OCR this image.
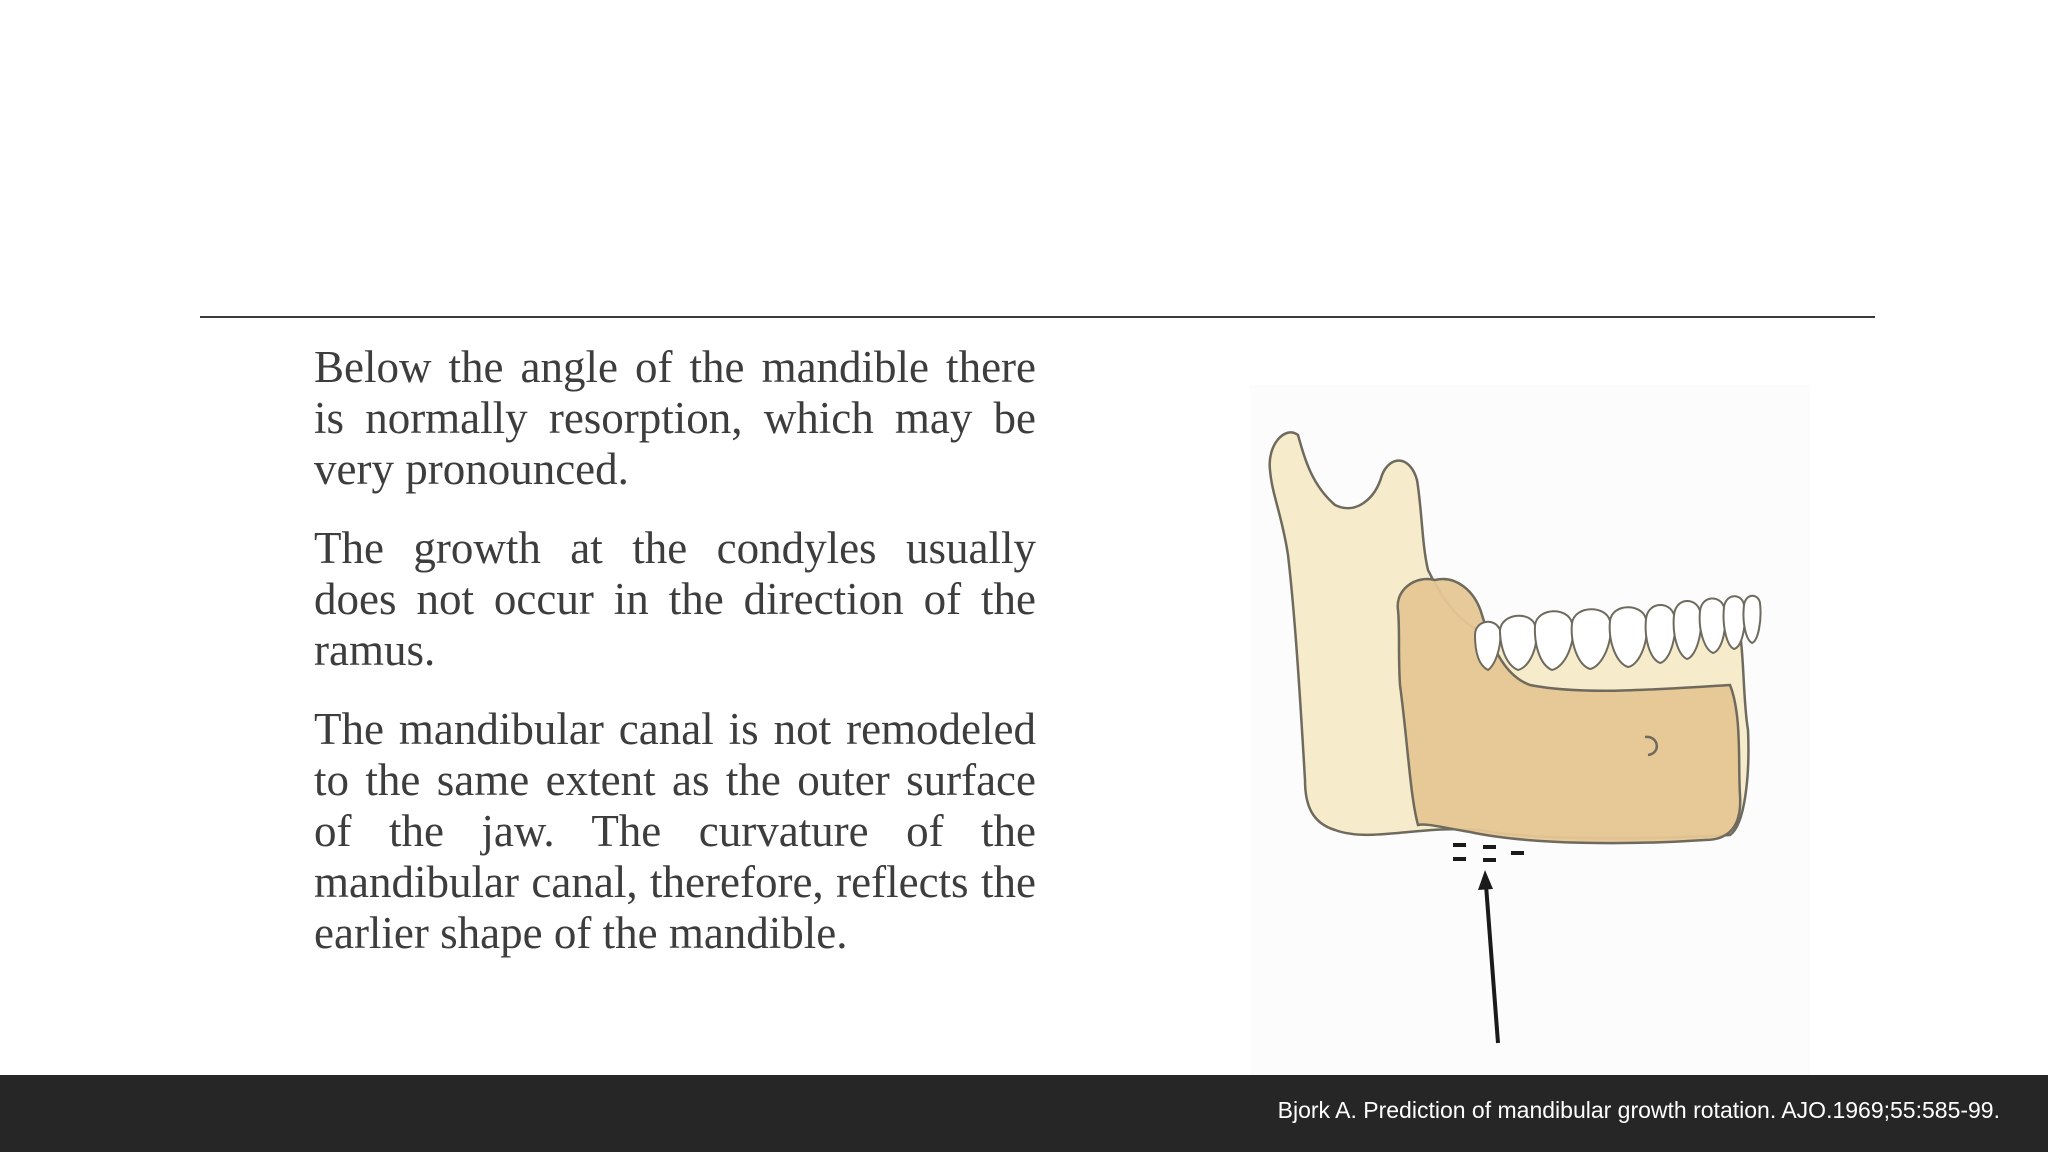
Below the angle of the mandible there is normally resorption, which may be very pronounced.

The growth at the condyles usually does not occur in the direction of the ramus.

The mandibular canal is not remodeled to the same extent as the outer surface of the jaw. The curvature of the mandibular canal, therefore, reflects the earlier shape of the mandible.

Bjork A. Prediction of mandibular growth rotation. AJO.1969;55:585-99.
